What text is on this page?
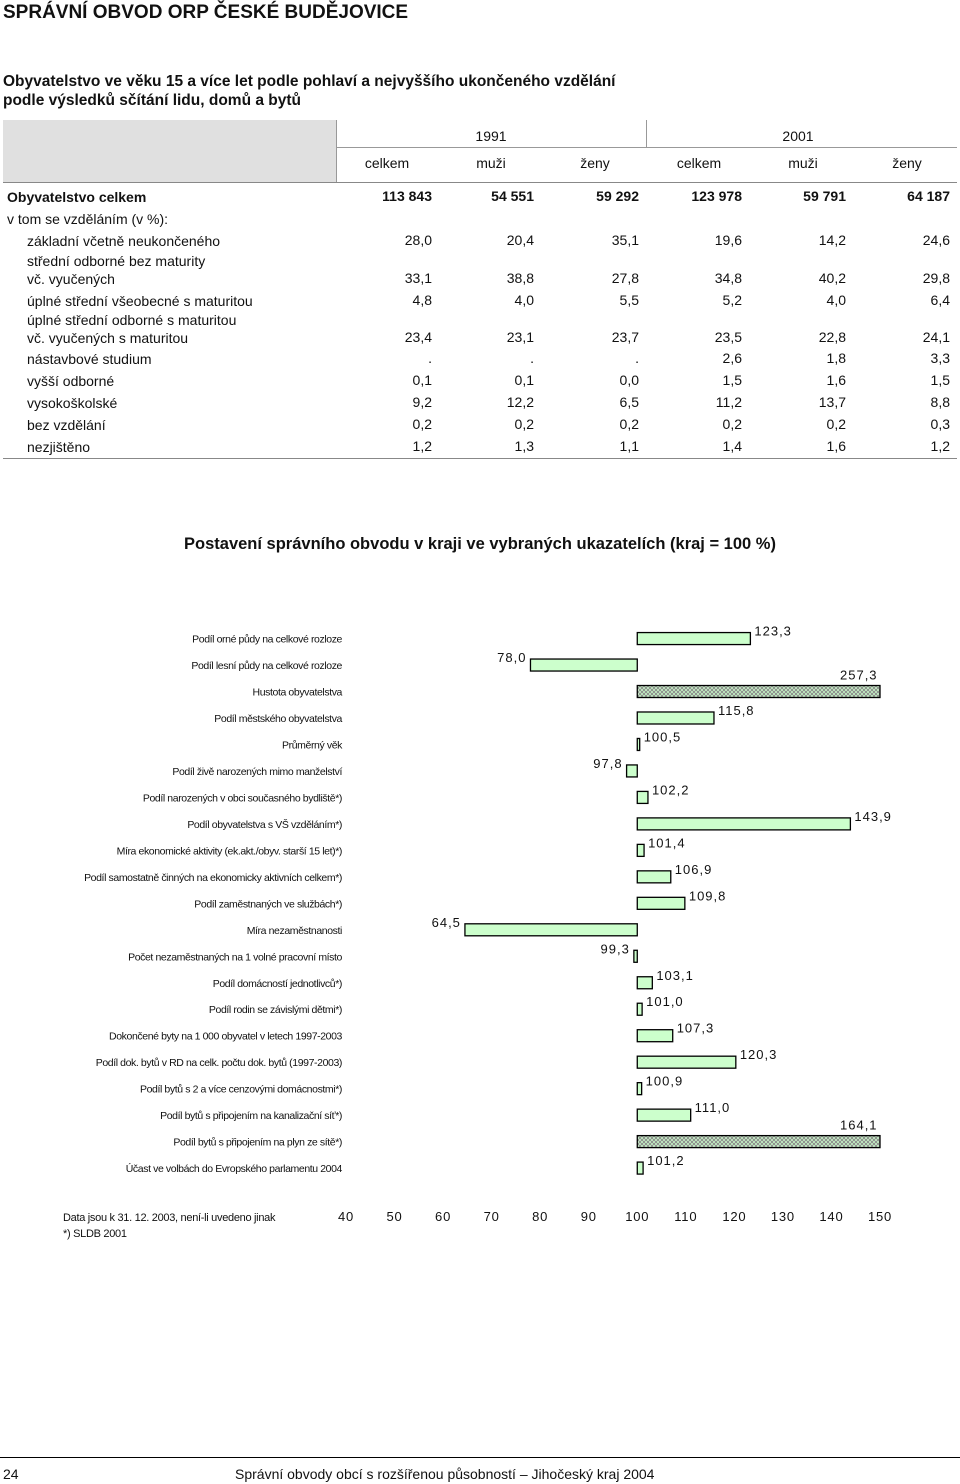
SPRÁVNÍ OBVOD ORP ČESKÉ BUDĚJOVICE
Obyvatelstvo ve věku 15 a více let podle pohlaví a nejvyššího ukončeného vzdělání
podle výsledků sčítání lidu, domů a bytů
1991	2001
celkem	muži	ženy	celkem	muži	ženy
Obyvatelstvo celkem	113 843	54 551	59 292	123 978	59 791	64 187
v tom se vzděláním (v %):
základní včetně neukončeného	28,0	20,4	35,1	19,6	14,2	24,6
střední odborné bez maturity
vč. vyučených	33,1	38,8	27,8	34,8	40,2	29,8
úplné střední všeobecné s maturitou	4,8	4,0	5,5	5,2	4,0	6,4
úplné střední odborné s maturitou
vč. vyučených s maturitou	23,4	23,1	23,7	23,5	22,8	24,1
nástavbové studium	.	.	.	2,6	1,8	3,3
vyšší odborné	0,1	0,1	0,0	1,5	1,6	1,5
vysokoškolské	9,2	12,2	6,5	11,2	13,7	8,8
bez vzdělání	0,2	0,2	0,2	0,2	0,2	0,3
nezjištěno	1,2	1,3	1,1	1,4	1,6	1,2
Postavení správního obvodu v kraji ve vybraných ukazatelích (kraj = 100 %)
Podíl orné půdy na celkové rozloze
123,3
Podíl lesní půdy na celkové rozloze
78,0
Hustota obyvatelstva
257,3
Podíl městského obyvatelstva
115,8
Průměrný věk
100,5
Podíl živě narozených mimo manželství
97,8
Podíl narozených v obci současného bydliště*)
102,2
Podíl obyvatelstva s VŠ vzděláním*)
143,9
Míra ekonomické aktivity (ek.akt./obyv. starší 15 let)*)
101,4
Podíl samostatně činných na ekonomicky aktivních celkem*)
106,9
Podíl zaměstnaných ve službách*)
109,8
Míra nezaměstnanosti
64,5
Počet nezaměstnaných na 1 volné pracovní místo
99,3
Podíl domácností jednotlivců*)
103,1
Podíl rodin se závislými dětmi*)
101,0
Dokončené byty na 1 000 obyvatel v letech 1997-2003
107,3
Podíl dok. bytů v RD na celk. počtu dok. bytů (1997-2003)
120,3
Podíl bytů s 2 a více cenzovými domácnostmi*)
100,9
Podíl bytů s připojením na kanalizační síť*)
111,0
Podíl bytů s připojením na plyn ze sítě*)
164,1
Účast ve volbách do Evropského parlamentu 2004
101,2
40 50 60 70 80 90 100 110 120 130 140 150
Data jsou k 31. 12. 2003, není-li uvedeno jinak
*) SLDB 2001
24	Správní obvody obcí s rozšířenou působností – Jihočeský kraj 2004
